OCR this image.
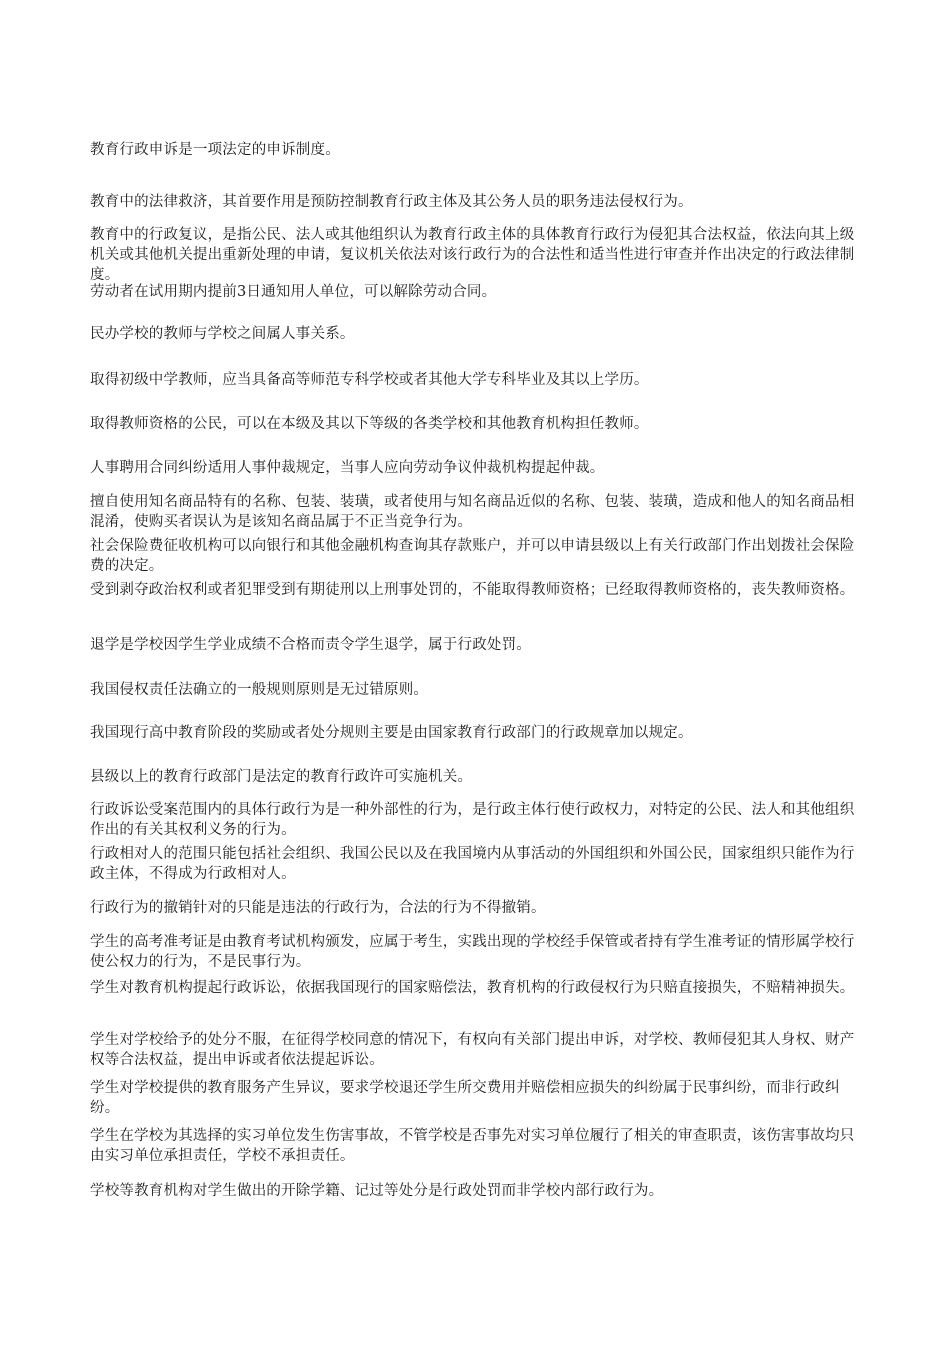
教育行政申诉是一项法定的申诉制度。

教育中的法律救济，其首要作用是预防控制教育行政主体及其公务人员的职务违法侵权行为。

教育中的行政复议，是指公民、法人或其他组织认为教育行政主体的具体教育行政行为侵犯其合法权益，依法向其上级机关或其他机关提出重新处理的申请，复议机关依法对该行政行为的合法性和适当性进行审查并作出决定的行政法律制度。

劳动者在试用期内提前3日通知用人单位，可以解除劳动合同。

民办学校的教师与学校之间属人事关系。

取得初级中学教师，应当具备高等师范专科学校或者其他大学专科毕业及其以上学历。

取得教师资格的公民，可以在本级及其以下等级的各类学校和其他教育机构担任教师。

人事聘用合同纠纷适用人事仲裁规定，当事人应向劳动争议仲裁机构提起仲裁。

擅自使用知名商品特有的名称、包装、装璜，或者使用与知名商品近似的名称、包装、装璜，造成和他人的知名商品相混淆，使购买者误认为是该知名商品属于不正当竞争行为。

社会保险费征收机构可以向银行和其他金融机构查询其存款账户，并可以申请县级以上有关行政部门作出划拨社会保险费的决定。

受到剥夺政治权利或者犯罪受到有期徒刑以上刑事处罚的，不能取得教师资格；已经取得教师资格的，丧失教师资格。

退学是学校因学生学业成绩不合格而责令学生退学，属于行政处罚。

我国侵权责任法确立的一般规则原则是无过错原则。

我国现行高中教育阶段的奖励或者处分规则主要是由国家教育行政部门的行政规章加以规定。

县级以上的教育行政部门是法定的教育行政许可实施机关。

行政诉讼受案范围内的具体行政行为是一种外部性的行为，是行政主体行使行政权力，对特定的公民、法人和其他组织作出的有关其权利义务的行为。

行政相对人的范围只能包括社会组织、我国公民以及在我国境内从事活动的外国组织和外国公民，国家组织只能作为行政主体，不得成为行政相对人。

行政行为的撤销针对的只能是违法的行政行为，合法的行为不得撤销。

学生的高考准考证是由教育考试机构颁发，应属于考生，实践出现的学校经手保管或者持有学生准考证的情形属学校行使公权力的行为，不是民事行为。

学生对教育机构提起行政诉讼，依据我国现行的国家赔偿法，教育机构的行政侵权行为只赔直接损失，不赔精神损失。

学生对学校给予的处分不服，在征得学校同意的情况下，有权向有关部门提出申诉，对学校、教师侵犯其人身权、财产权等合法权益，提出申诉或者依法提起诉讼。

学生对学校提供的教育服务产生异议，要求学校退还学生所交费用并赔偿相应损失的纠纷属于民事纠纷，而非行政纠纷。

学生在学校为其选择的实习单位发生伤害事故，不管学校是否事先对实习单位履行了相关的审查职责，该伤害事故均只由实习单位承担责任，学校不承担责任。

学校等教育机构对学生做出的开除学籍、记过等处分是行政处罚而非学校内部行政行为。
